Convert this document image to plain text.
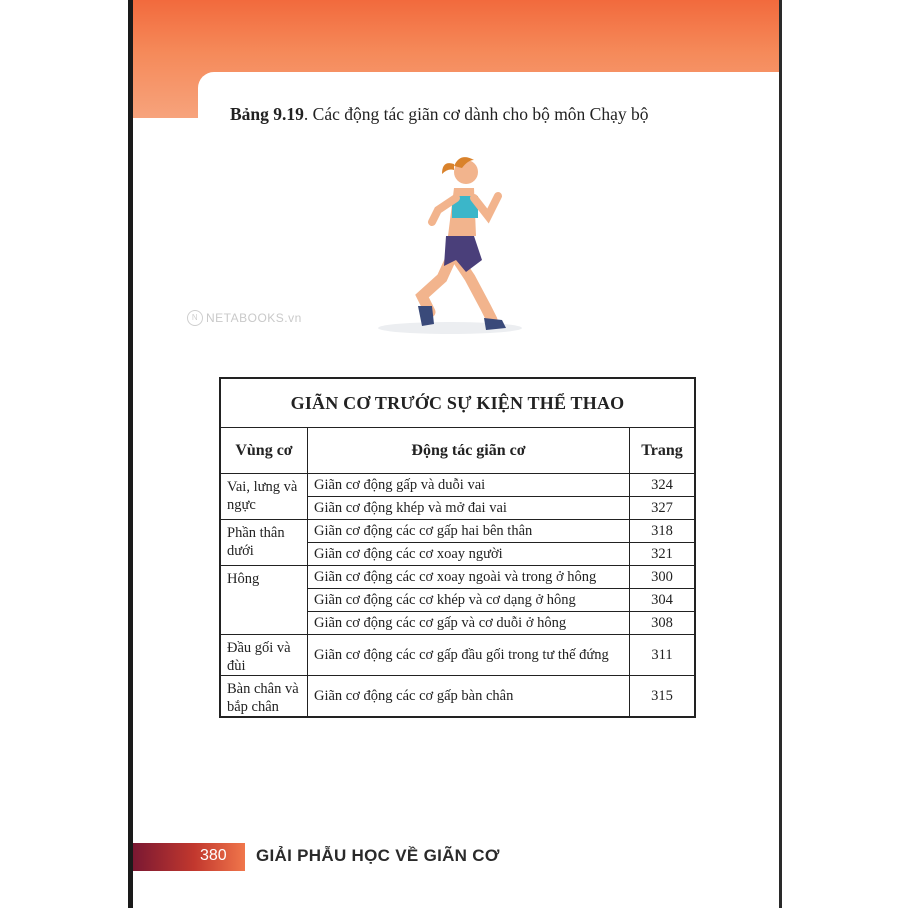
Bảng 9.19. Các động tác giãn cơ dành cho bộ môn Chạy bộ
N NETABOOKS.vn
GIÃN CƠ TRƯỚC SỰ KIỆN THỂ THAO		
Vùng cơ	Động tác giãn cơ	Trang
Vai, lưng và ngực	Giãn cơ động gấp và duỗi vai	324
	Giãn cơ động khép và mở đai vai	327
Phần thân dưới	Giãn cơ động các cơ gấp hai bên thân	318
	Giãn cơ động các cơ xoay người	321
Hông	Giãn cơ động các cơ xoay ngoài và trong ở hông	300
	Giãn cơ động các cơ khép và cơ dạng ở hông	304
	Giãn cơ động các cơ gấp và cơ duỗi ở hông	308
Đầu gối và đùi	Giãn cơ động các cơ gấp đầu gối trong tư thế đứng	311
Bàn chân và bắp chân	Giãn cơ động các cơ gấp bàn chân	315
380 GIẢI PHẪU HỌC VỀ GIÃN CƠ
